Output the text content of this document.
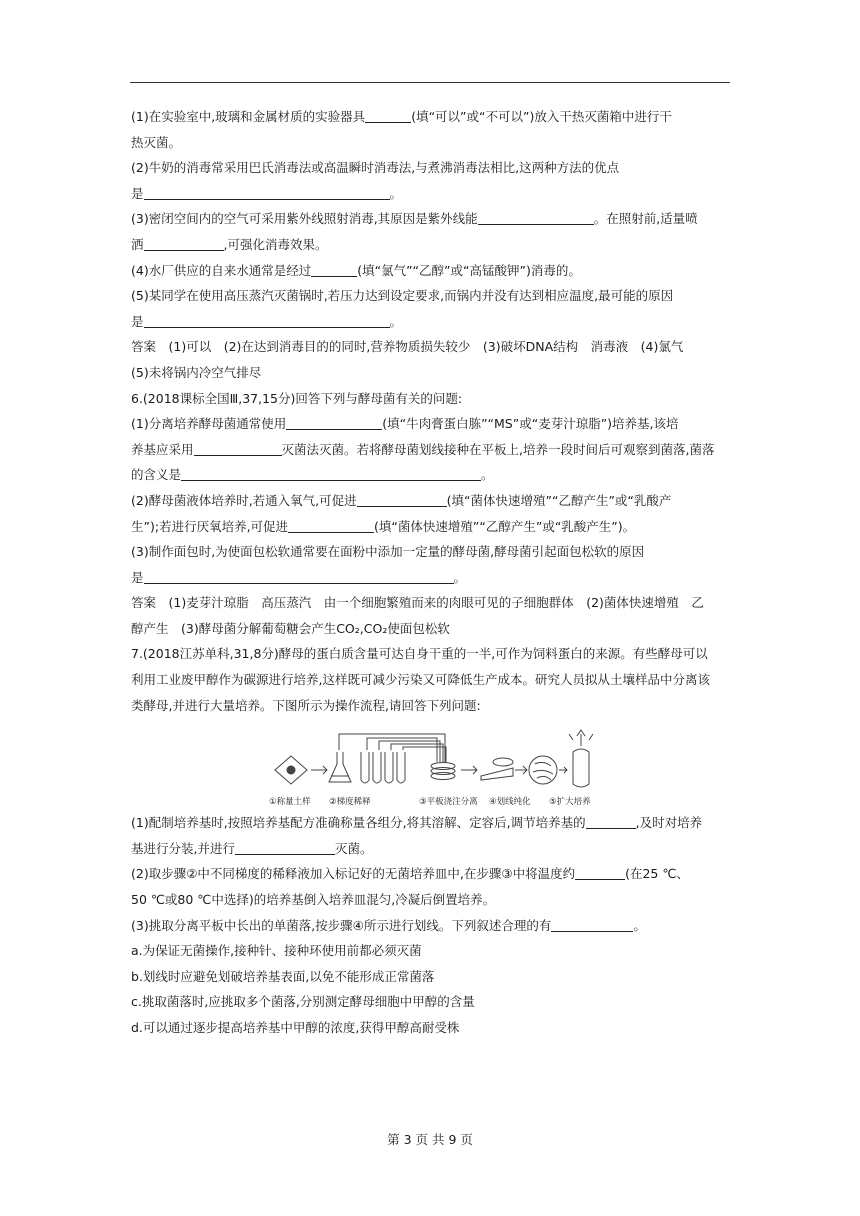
(1)在实验室中,玻璃和金属材质的实验器具	(填“可以”或“不可以”)放入干热灭菌箱中进行干
热灭菌。
(2)牛奶的消毒常采用巴氏消毒法或高温瞬时消毒法,与煮沸消毒法相比,这两种方法的优点
是	。
(3)密闭空间内的空气可采用紫外线照射消毒,其原因是紫外线能	。在照射前,适量喷
洒	,可强化消毒效果。
(4)水厂供应的自来水通常是经过	(填“氯气”“乙醇”或“高锰酸钾”)消毒的。
(5)某同学在使用高压蒸汽灭菌锅时,若压力达到设定要求,而锅内并没有达到相应温度,最可能的原因
是	。
答案　(1)可以　(2)在达到消毒目的的同时,营养物质损失较少　(3)破坏DNA结构　消毒液　(4)氯气
(5)未将锅内冷空气排尽
6.(2018课标全国Ⅲ,37,15分)回答下列与酵母菌有关的问题:
(1)分离培养酵母菌通常使用	(填“牛肉膏蛋白胨”“MS”或“麦芽汁琼脂”)培养基,该培
养基应采用	灭菌法灭菌。若将酵母菌划线接种在平板上,培养一段时间后可观察到菌落,菌落
的含义是	。
(2)酵母菌液体培养时,若通入氧气,可促进	(填“菌体快速增殖”“乙醇产生”或“乳酸产
生”);若进行厌氧培养,可促进	(填“菌体快速增殖”“乙醇产生”或“乳酸产生”)。
(3)制作面包时,为使面包松软通常要在面粉中添加一定量的酵母菌,酵母菌引起面包松软的原因
是	。
答案　(1)麦芽汁琼脂　高压蒸汽　由一个细胞繁殖而来的肉眼可见的子细胞群体　(2)菌体快速增殖　乙
醇产生　(3)酵母菌分解葡萄糖会产生CO₂,CO₂使面包松软
7.(2018江苏单科,31,8分)酵母的蛋白质含量可达自身干重的一半,可作为饲料蛋白的来源。有些酵母可以
利用工业废甲醇作为碳源进行培养,这样既可减少污染又可降低生产成本。研究人员拟从土壤样品中分离该
类酵母,并进行大量培养。下图所示为操作流程,请回答下列问题:
①称量土样 ②梯度稀释	③平板浇注分离 ④划线纯化 ⑤扩大培养
(1)配制培养基时,按照培养基配方准确称量各组分,将其溶解、定容后,调节培养基的	,及时对培养
基进行分装,并进行	灭菌。
(2)取步骤②中不同梯度的稀释液加入标记好的无菌培养皿中,在步骤③中将温度约	(在25 ℃、
50 ℃或80 ℃中选择)的培养基倒入培养皿混匀,冷凝后倒置培养。
(3)挑取分离平板中长出的单菌落,按步骤④所示进行划线。下列叙述合理的有	。
a.为保证无菌操作,接种针、接种环使用前都必须灭菌
b.划线时应避免划破培养基表面,以免不能形成正常菌落
c.挑取菌落时,应挑取多个菌落,分别测定酵母细胞中甲醇的含量
d.可以通过逐步提高培养基中甲醇的浓度,获得甲醇高耐受株
第 3 页 共 9 页
